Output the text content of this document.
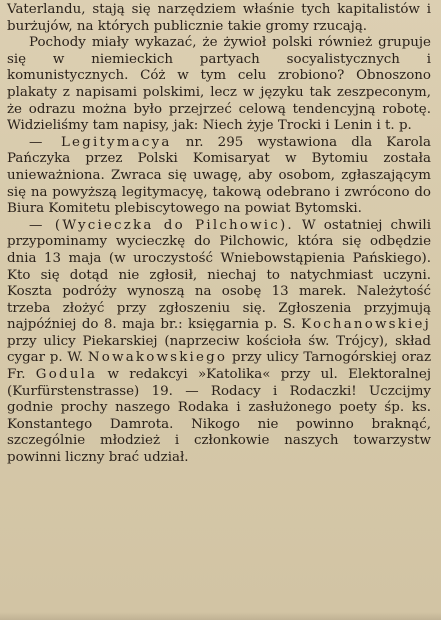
Vaterlandu, stają się narzędziem właśnie tych kapitalistów i burżujów, na których publicznie takie gromy rzucają.

Pochody miały wykazać, że żywioł polski również grupuje się w niemieckich partyach socyalistycznych i komunistycznych. Cóż w tym celu zrobiono? Obnoszono plakaty z napisami polskimi, lecz w języku tak zeszpeconym, że odrazu można było przejrzeć celową tendencyjną robotę. Widzieliśmy tam napisy, jak: Niech żyje Trocki i Lenin i t. p.

— Legitymacya nr. 295 wystawiona dla Karola Pańczyka przez Polski Komisaryat w Bytomiu została unieważniona. Zwraca się uwagę, aby osobom, zgłaszającym się na powyższą legitymacyę, takową odebrano i zwrócono do Biura Komitetu plebiscytowego na powiat Bytomski.

— (Wycieczka do Pilchowic). W ostatniej chwili przypominamy wycieczkę do Pilchowic, która się odbędzie dnia 13 maja (w uroczystość Wniebowstąpienia Pańskiego). Kto się dotąd nie zgłosił, niechaj to natychmiast uczyni. Koszta podróży wynoszą na osobę 13 marek. Należytość trzeba złożyć przy zgłoszeniu się. Zgłoszenia przyjmują najpóźniej do 8. maja br.: księgarnia p. S. Kochanowskiej przy ulicy Piekarskiej (naprzeciw kościoła św. Trójcy), skład cygar p. W. Nowakowskiego przy ulicy Tarnogórskiej oraz Fr. Godula w redakcyi »Katolika« przy ul. Elektoralnej (Kurfürstenstrasse) 19. — Rodacy i Rodaczki! Uczcijmy godnie prochy naszego Rodaka i zasłużonego poety śp. ks. Konstantego Damrota. Nikogo nie powinno braknąć, szczególnie młodzież i członkowie naszych towarzystw powinni liczny brać udział.
